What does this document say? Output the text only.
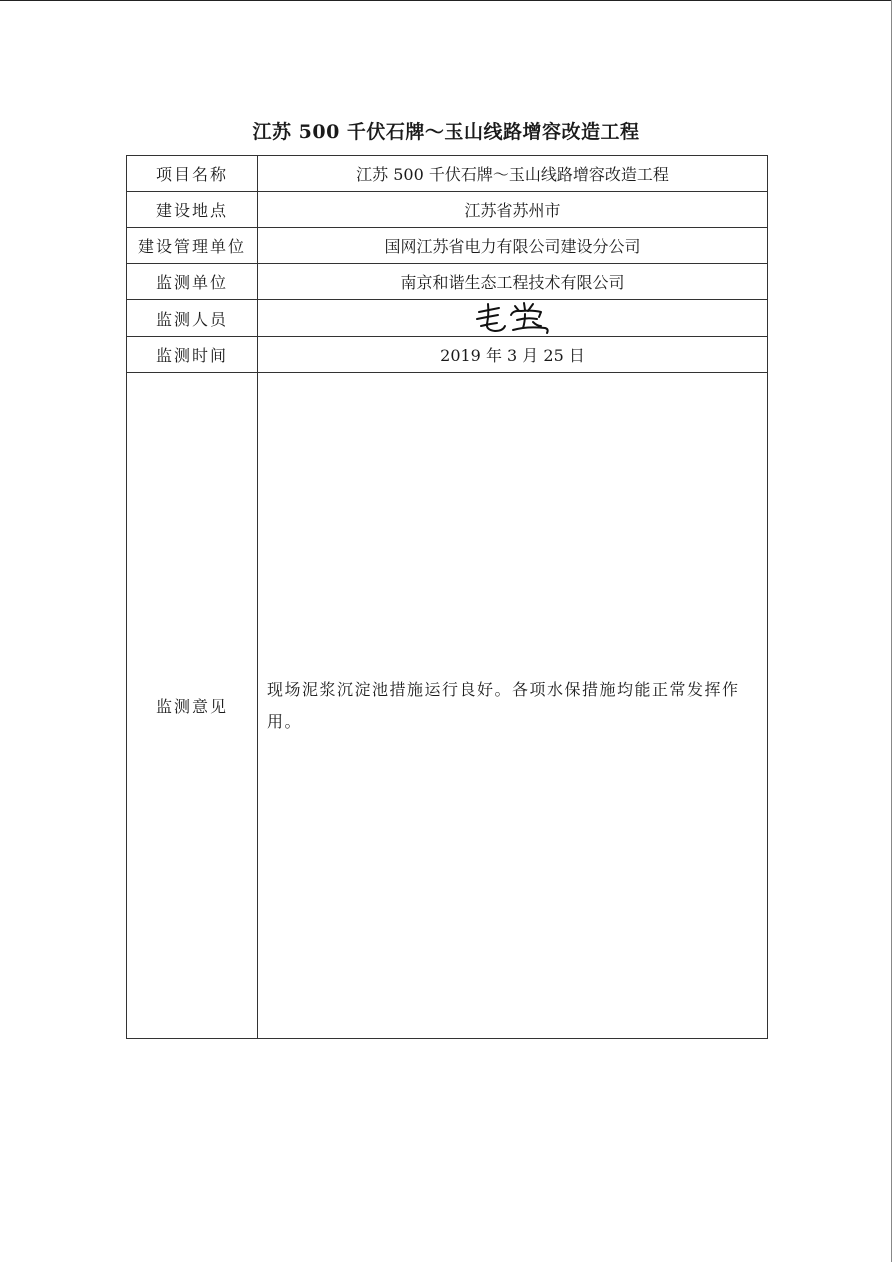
江苏 500 千伏石牌～玉山线路增容改造工程
项目名称	江苏 500 千伏石牌～玉山线路增容改造工程
建设地点	江苏省苏州市
建设管理单位	国网江苏省电力有限公司建设分公司
监测单位	南京和谐生态工程技术有限公司
监测人员	
监测时间	2019 年 3 月 25 日
监测意见	现场泥浆沉淀池措施运行良好。各项水保措施均能正常发挥作用。
